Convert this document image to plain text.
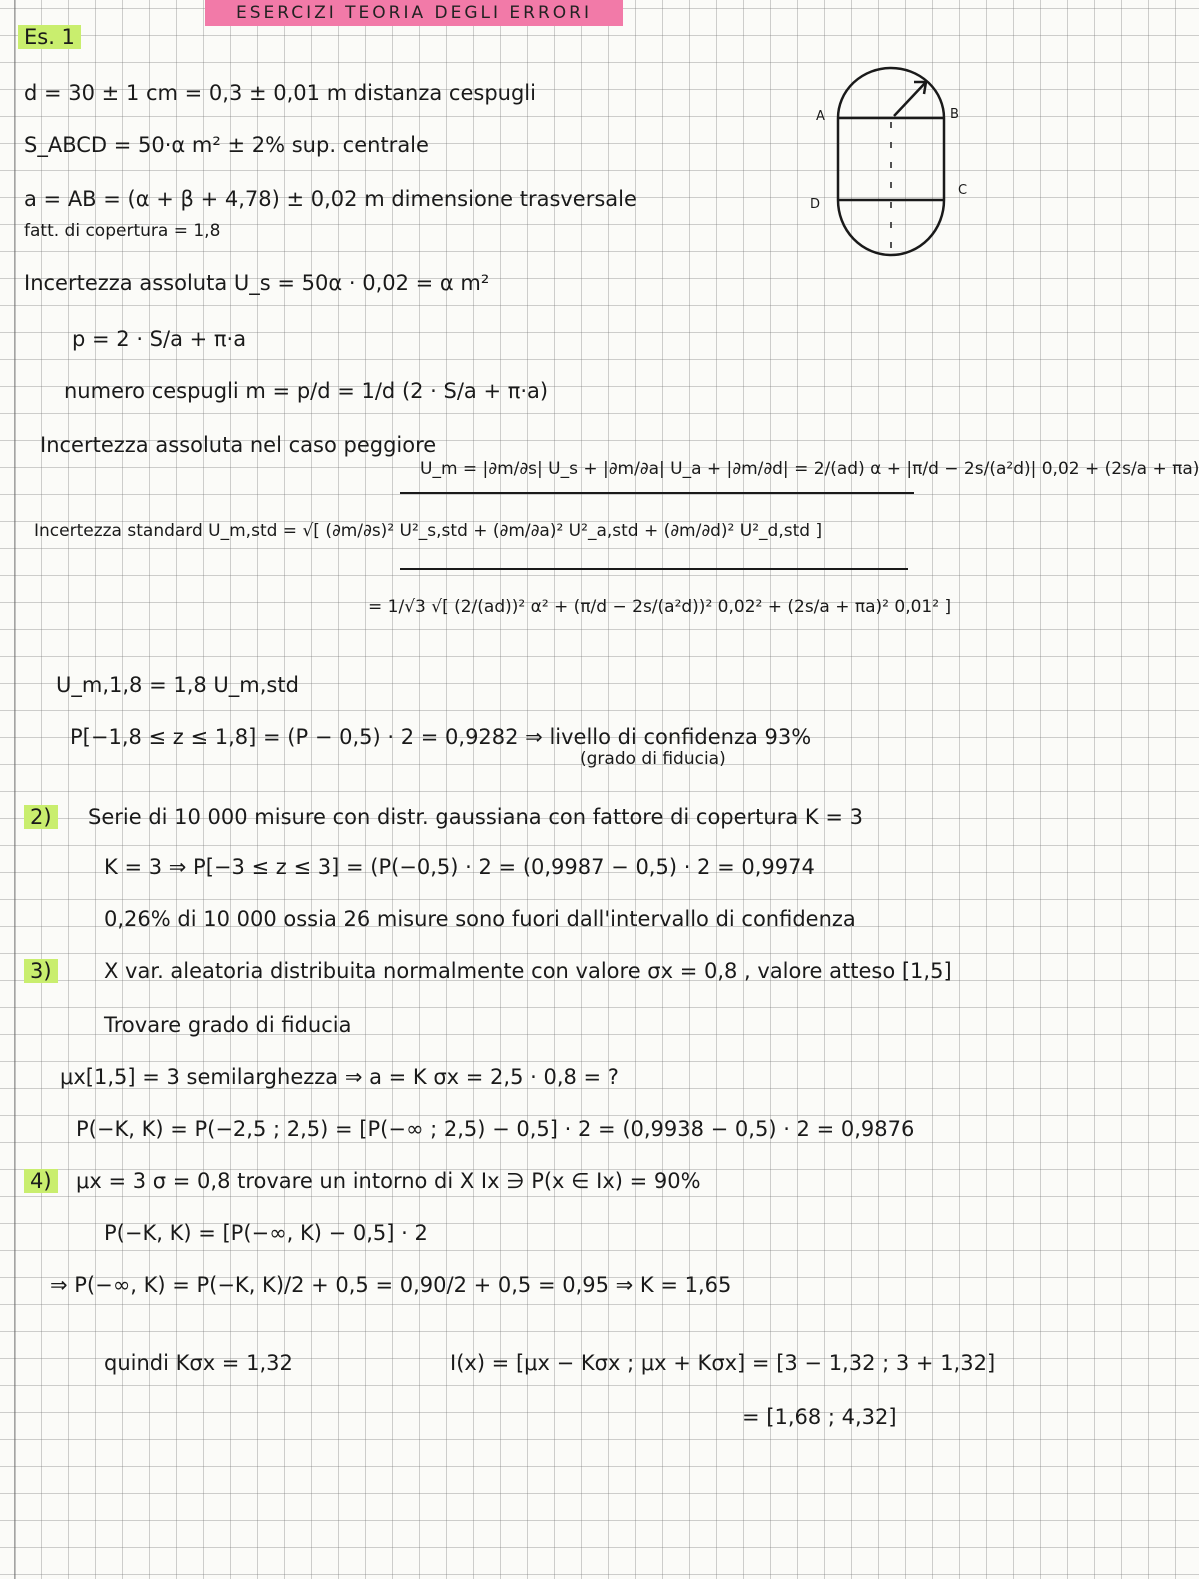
ESERCIZI TEORIA DEGLI ERRORI
Es. 1
d = 30 ± 1 cm = 0,3 ± 0,01 m distanza cespugli
S_ABCD = 50·α m² ± 2% sup. centrale
a = AB = (α + β + 4,78) ± 0,02 m dimensione trasversale
fatt. di copertura = 1,8
Incertezza assoluta U_s = 50α · 0,02 = α m²
p = 2 · S/a + π·a
numero cespugli m = p/d = 1/d (2 · S/a + π·a)
Incertezza assoluta nel caso peggiore
U_m = |∂m/∂s| U_s + |∂m/∂a| U_a + |∂m/∂d| = 2/(ad) α + |π/d − 2s/(a²d)| 0,02 + (2s/a + πa)
Incertezza standard U_m,std = √[ (∂m/∂s)² U²_s,std + (∂m/∂a)² U²_a,std + (∂m/∂d)² U²_d,std ]
= 1/√3 √[ (2/(ad))² α² + (π/d − 2s/(a²d))² 0,02² + (2s/a + πa)² 0,01² ]
U_m,1,8 = 1,8 U_m,std
P[−1,8 ≤ z ≤ 1,8] = (P − 0,5) · 2 = 0,9282 ⇒ livello di confidenza 93%
(grado di fiducia)
A	B
C
D
2) Serie di 10 000 misure con distr. gaussiana con fattore di copertura K = 3
K = 3 ⇒ P[−3 ≤ z ≤ 3] = (P(−0,5) · 2 = (0,9987 − 0,5) · 2 = 0,9974
0,26% di 10 000 ossia 26 misure sono fuori dall'intervallo di confidenza
3) X var. aleatoria distribuita normalmente con valore σx = 0,8 , valore atteso [1,5]
Trovare grado di fiducia
μx[1,5] = 3 semilarghezza ⇒ a = K σx = 2,5 · 0,8 = ?
P(−K, K) = P(−2,5 ; 2,5) = [P(−∞ ; 2,5) − 0,5] · 2 = (0,9938 − 0,5) · 2 = 0,9876
4) μx = 3 σ = 0,8 trovare un intorno di X Ix ∋ P(x ∈ Ix) = 90%
P(−K, K) = [P(−∞, K) − 0,5] · 2
⇒ P(−∞, K) = P(−K, K)/2 + 0,5 = 0,90/2 + 0,5 = 0,95 ⇒ K = 1,65
quindi Kσx = 1,32	I(x) = [μx − Kσx ; μx + Kσx] = [3 − 1,32 ; 3 + 1,32]
= [1,68 ; 4,32]
